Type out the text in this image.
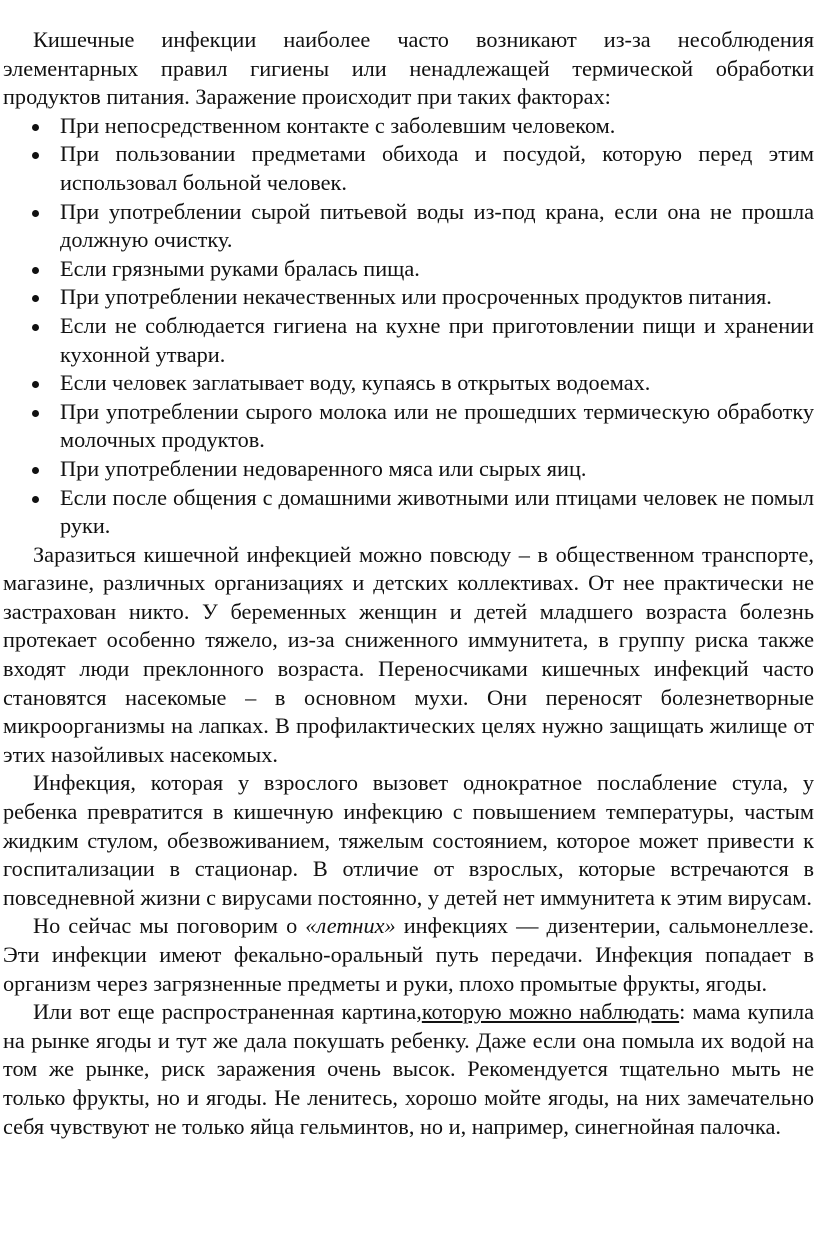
Кишечные инфекции наиболее часто возникают из-за несоблюдения элементарных правил гигиены или ненадлежащей термической обработки продуктов питания. Заражение происходит при таких факторах:

При непосредственном контакте с заболевшим человеком.
При пользовании предметами обихода и посудой, которую перед этим использовал больной человек.
При употреблении сырой питьевой воды из-под крана, если она не прошла должную очистку.
Если грязными руками бралась пища.
При употреблении некачественных или просроченных продуктов питания.
Если не соблюдается гигиена на кухне при приготовлении пищи и хранении кухонной утвари.
Если человек заглатывает воду, купаясь в открытых водоемах.
При употреблении сырого молока или не прошедших термическую обработку молочных продуктов.
При употреблении недоваренного мяса или сырых яиц.
Если после общения с домашними животными или птицами человек не помыл руки.

Заразиться кишечной инфекцией можно повсюду – в общественном транспорте, магазине, различных организациях и детских коллективах. От нее практически не застрахован никто. У беременных женщин и детей младшего возраста болезнь протекает особенно тяжело, из-за сниженного иммунитета, в группу риска также входят люди преклонного возраста. Переносчиками кишечных инфекций часто становятся насекомые – в основном мухи. Они переносят болезнетворные микроорганизмы на лапках. В профилактических целях нужно защищать жилище от этих назойливых насекомых.

Инфекция, которая у взрослого вызовет однократное послабление стула, у ребенка превратится в кишечную инфекцию с повышением температуры, частым жидким стулом, обезвоживанием, тяжелым состоянием, которое может привести к госпитализации в стационар. В отличие от взрослых, которые встречаются в повседневной жизни с вирусами постоянно, у детей нет иммунитета к этим вирусам.

Но сейчас мы поговорим о «летних» инфекциях — дизентерии, сальмонеллезе. Эти инфекции имеют фекально-оральный путь передачи. Инфекция попадает в организм через загрязненные предметы и руки, плохо промытые фрукты, ягоды.

Или вот еще распространенная картина,которую можно наблюдать: мама купила на рынке ягоды и тут же дала покушать ребенку. Даже если она помыла их водой на том же рынке, риск заражения очень высок. Рекомендуется тщательно мыть не только фрукты, но и ягоды. Не ленитесь, хорошо мойте ягоды, на них замечательно себя чувствуют не только яйца гельминтов, но и, например, синегнойная палочка.
